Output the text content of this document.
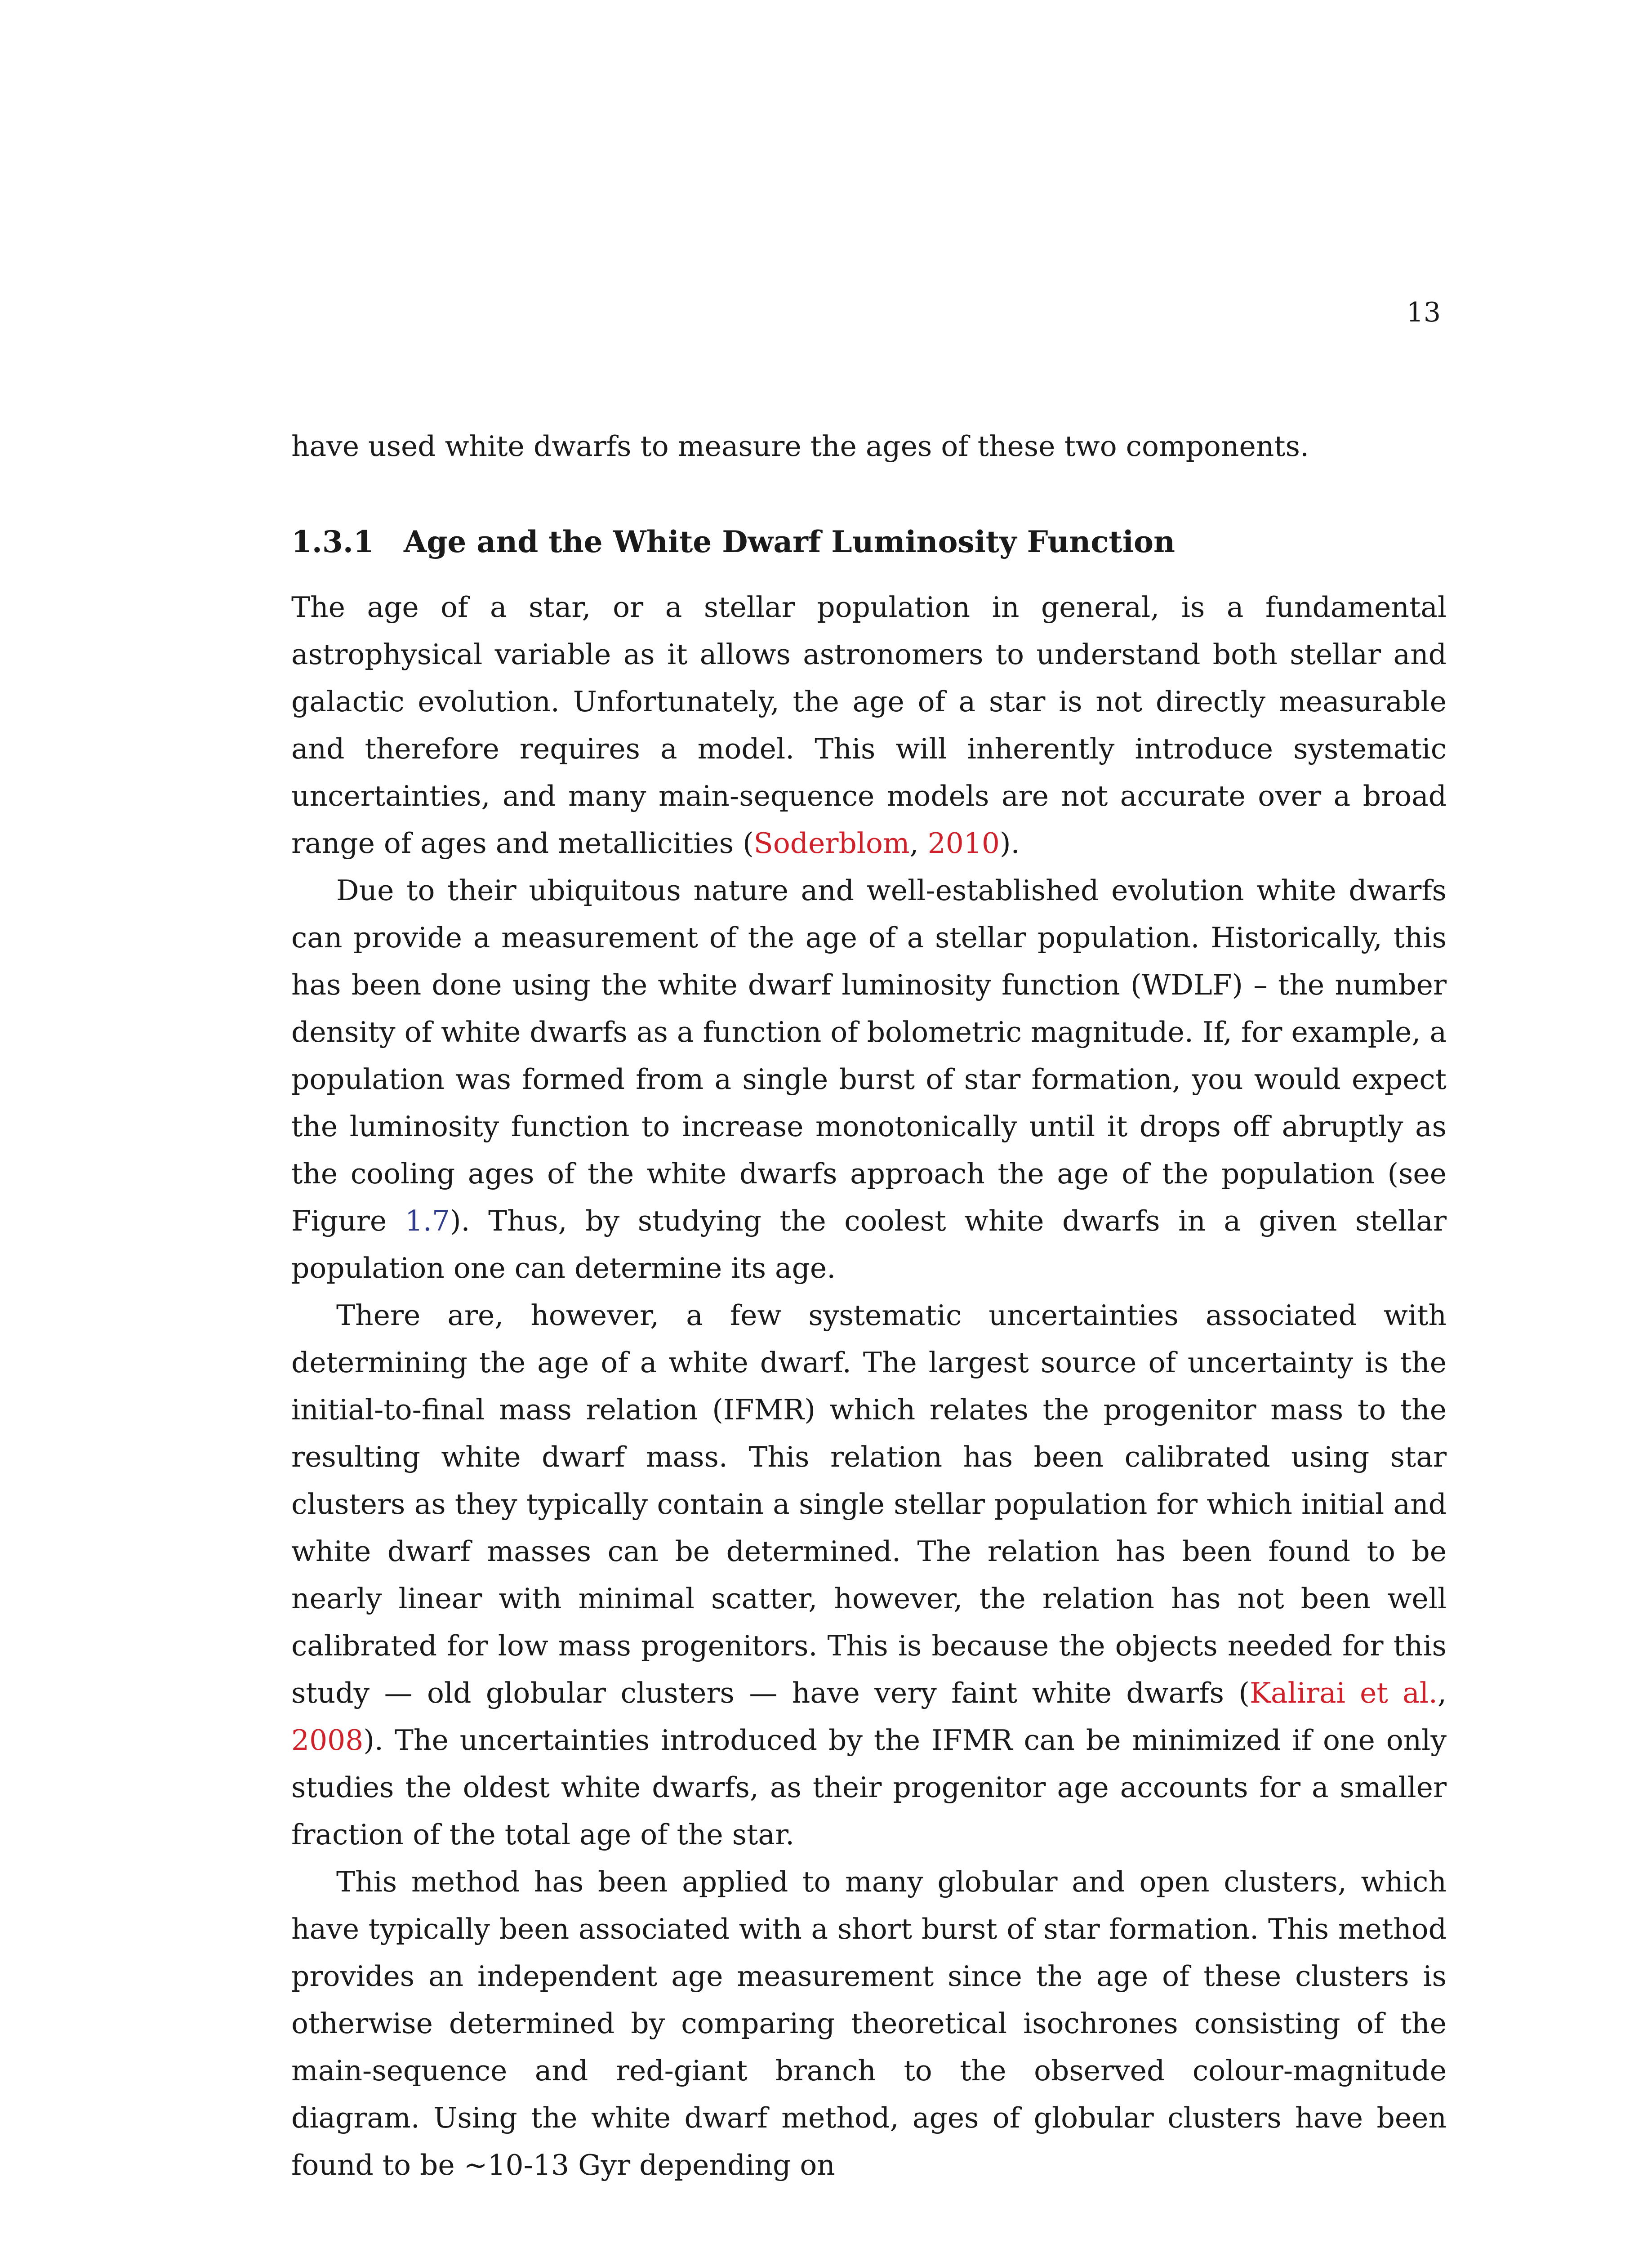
13

have used white dwarfs to measure the ages of these two components.

1.3.1 Age and the White Dwarf Luminosity Function

The age of a star, or a stellar population in general, is a fundamental astrophysical variable as it allows astronomers to understand both stellar and galactic evolution. Unfortunately, the age of a star is not directly measurable and therefore requires a model. This will inherently introduce systematic uncertainties, and many main-sequence models are not accurate over a broad range of ages and metallicities (Soderblom, 2010).

Due to their ubiquitous nature and well-established evolution white dwarfs can provide a measurement of the age of a stellar population. Historically, this has been done using the white dwarf luminosity function (WDLF) – the number density of white dwarfs as a function of bolometric magnitude. If, for example, a population was formed from a single burst of star formation, you would expect the luminosity function to increase monotonically until it drops off abruptly as the cooling ages of the white dwarfs approach the age of the population (see Figure 1.7). Thus, by studying the coolest white dwarfs in a given stellar population one can determine its age.

There are, however, a few systematic uncertainties associated with determining the age of a white dwarf. The largest source of uncertainty is the initial-to-final mass relation (IFMR) which relates the progenitor mass to the resulting white dwarf mass. This relation has been calibrated using star clusters as they typically contain a single stellar population for which initial and white dwarf masses can be determined. The relation has been found to be nearly linear with minimal scatter, however, the relation has not been well calibrated for low mass progenitors. This is because the objects needed for this study — old globular clusters — have very faint white dwarfs (Kalirai et al., 2008). The uncertainties introduced by the IFMR can be minimized if one only studies the oldest white dwarfs, as their progenitor age accounts for a smaller fraction of the total age of the star.

This method has been applied to many globular and open clusters, which have typically been associated with a short burst of star formation. This method provides an independent age measurement since the age of these clusters is otherwise determined by comparing theoretical isochrones consisting of the main-sequence and red-giant branch to the observed colour-magnitude diagram. Using the white dwarf method, ages of globular clusters have been found to be ∼10-13 Gyr depending on
